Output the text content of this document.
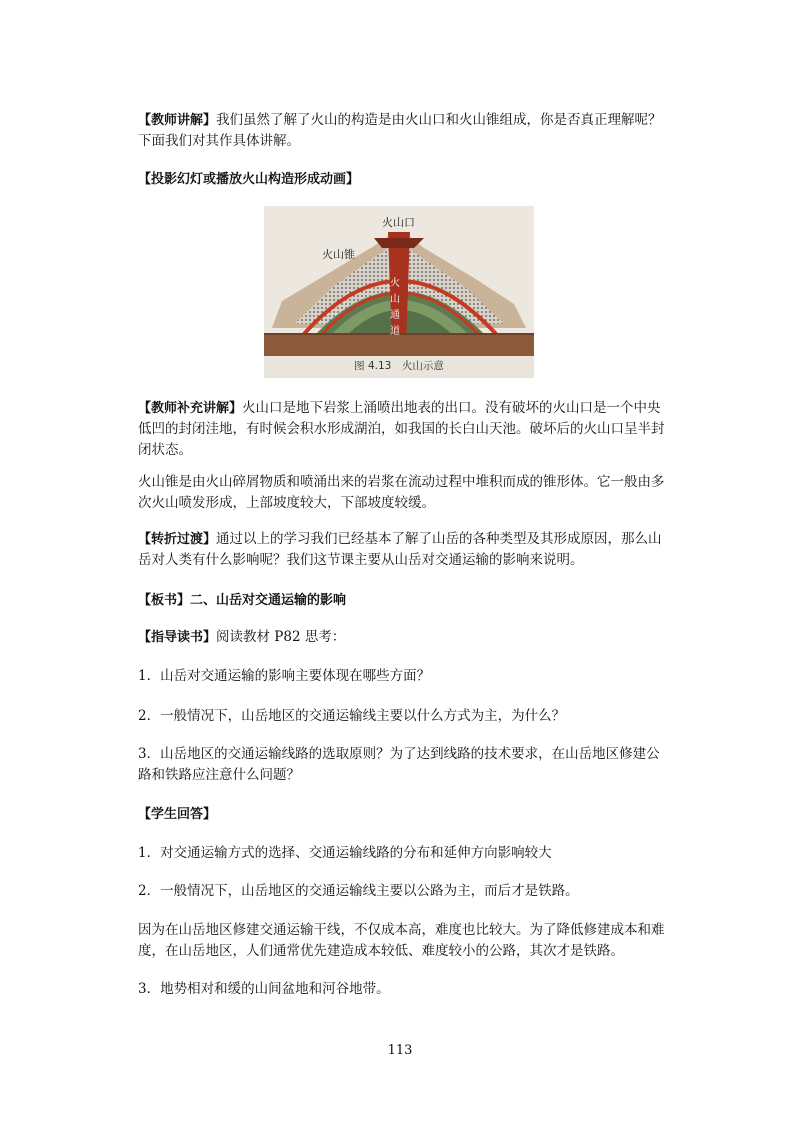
【教师讲解】我们虽然了解了火山的构造是由火山口和火山锥组成，你是否真正理解呢？下面我们对其作具体讲解。

【投影幻灯或播放火山构造形成动画】

火山口
火山锥
火山通道
图 4.13　火山示意

【教师补充讲解】火山口是地下岩浆上涌喷出地表的出口。没有破坏的火山口是一个中央低凹的封闭洼地，有时候会积水形成湖泊，如我国的长白山天池。破坏后的火山口呈半封闭状态。

火山锥是由火山碎屑物质和喷涌出来的岩浆在流动过程中堆积而成的锥形体。它一般由多次火山喷发形成，上部坡度较大，下部坡度较缓。

【转折过渡】通过以上的学习我们已经基本了解了山岳的各种类型及其形成原因，那么山岳对人类有什么影响呢？我们这节课主要从山岳对交通运输的影响来说明。

【板书】二、山岳对交通运输的影响

【指导读书】阅读教材 P82 思考：

1．山岳对交通运输的影响主要体现在哪些方面？

2．一般情况下，山岳地区的交通运输线主要以什么方式为主，为什么？

3．山岳地区的交通运输线路的选取原则？为了达到线路的技术要求，在山岳地区修建公路和铁路应注意什么问题？

【学生回答】

1．对交通运输方式的选择、交通运输线路的分布和延伸方向影响较大

2．一般情况下，山岳地区的交通运输线主要以公路为主，而后才是铁路。

因为在山岳地区修建交通运输干线，不仅成本高，难度也比较大。为了降低修建成本和难度，在山岳地区，人们通常优先建造成本较低、难度较小的公路，其次才是铁路。

3．地势相对和缓的山间盆地和河谷地带。

113
